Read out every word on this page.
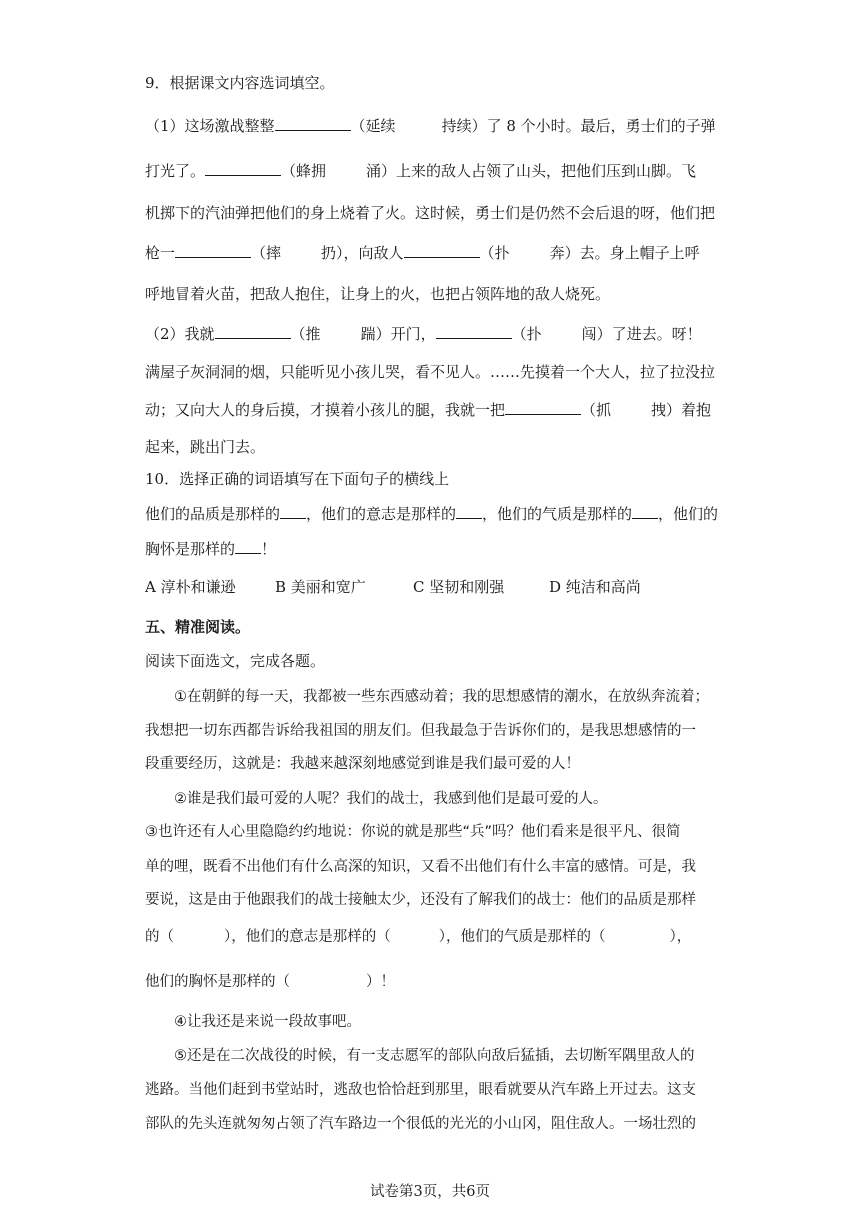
9．根据课文内容选词填空。
（1）这场激战整整	（延续	持续）了 8 个小时。最后，勇士们的子弹
打光了。	（蜂拥	涌）上来的敌人占领了山头，把他们压到山脚。飞
机掷下的汽油弹把他们的身上烧着了火。这时候，勇士们是仍然不会后退的呀，他们把
枪一	（摔	扔），向敌人	（扑	奔）去。身上帽子上呼
呼地冒着火苗，把敌人抱住，让身上的火，也把占领阵地的敌人烧死。
（2）我就	（推	踹）开门，	（扑	闯）了进去。呀！
满屋子灰洞洞的烟，只能听见小孩儿哭，看不见人。……先摸着一个大人，拉了拉没拉
动；又向大人的身后摸，才摸着小孩儿的腿，我就一把	（抓	拽）着抱
起来，跳出门去。
10．选择正确的词语填写在下面句子的横线上
他们的品质是那样的 ，他们的意志是那样的 ，他们的气质是那样的 ，他们的
胸怀是那样的 ！
A 淳朴和谦逊	B 美丽和宽广	C 坚韧和刚强	D 纯洁和高尚
五、精准阅读。
阅读下面选文，完成各题。
①在朝鲜的每一天，我都被一些东西感动着；我的思想感情的潮水，在放纵奔流着；
我想把一切东西都告诉给我祖国的朋友们。但我最急于告诉你们的，是我思想感情的一
段重要经历，这就是：我越来越深刻地感觉到谁是我们最可爱的人！
②谁是我们最可爱的人呢？我们的战士，我感到他们是最可爱的人。
③也许还有人心里隐隐约约地说：你说的就是那些“兵”吗？他们看来是很平凡、很简
单的哩，既看不出他们有什么高深的知识，又看不出他们有什么丰富的感情。可是，我
要说，这是由于他跟我们的战士接触太少，还没有了解我们的战士：他们的品质是那样
的（	），他们的意志是那样的（	），他们的气质是那样的（	），
他们的胸怀是那样的（	）！
④让我还是来说一段故事吧。
⑤还是在二次战役的时候，有一支志愿军的部队向敌后猛插，去切断军隅里敌人的
逃路。当他们赶到书堂站时，逃敌也恰恰赶到那里，眼看就要从汽车路上开过去。这支
部队的先头连就匆匆占领了汽车路边一个很低的光光的小山冈，阻住敌人。一场壮烈的
试卷第3页，共6页
